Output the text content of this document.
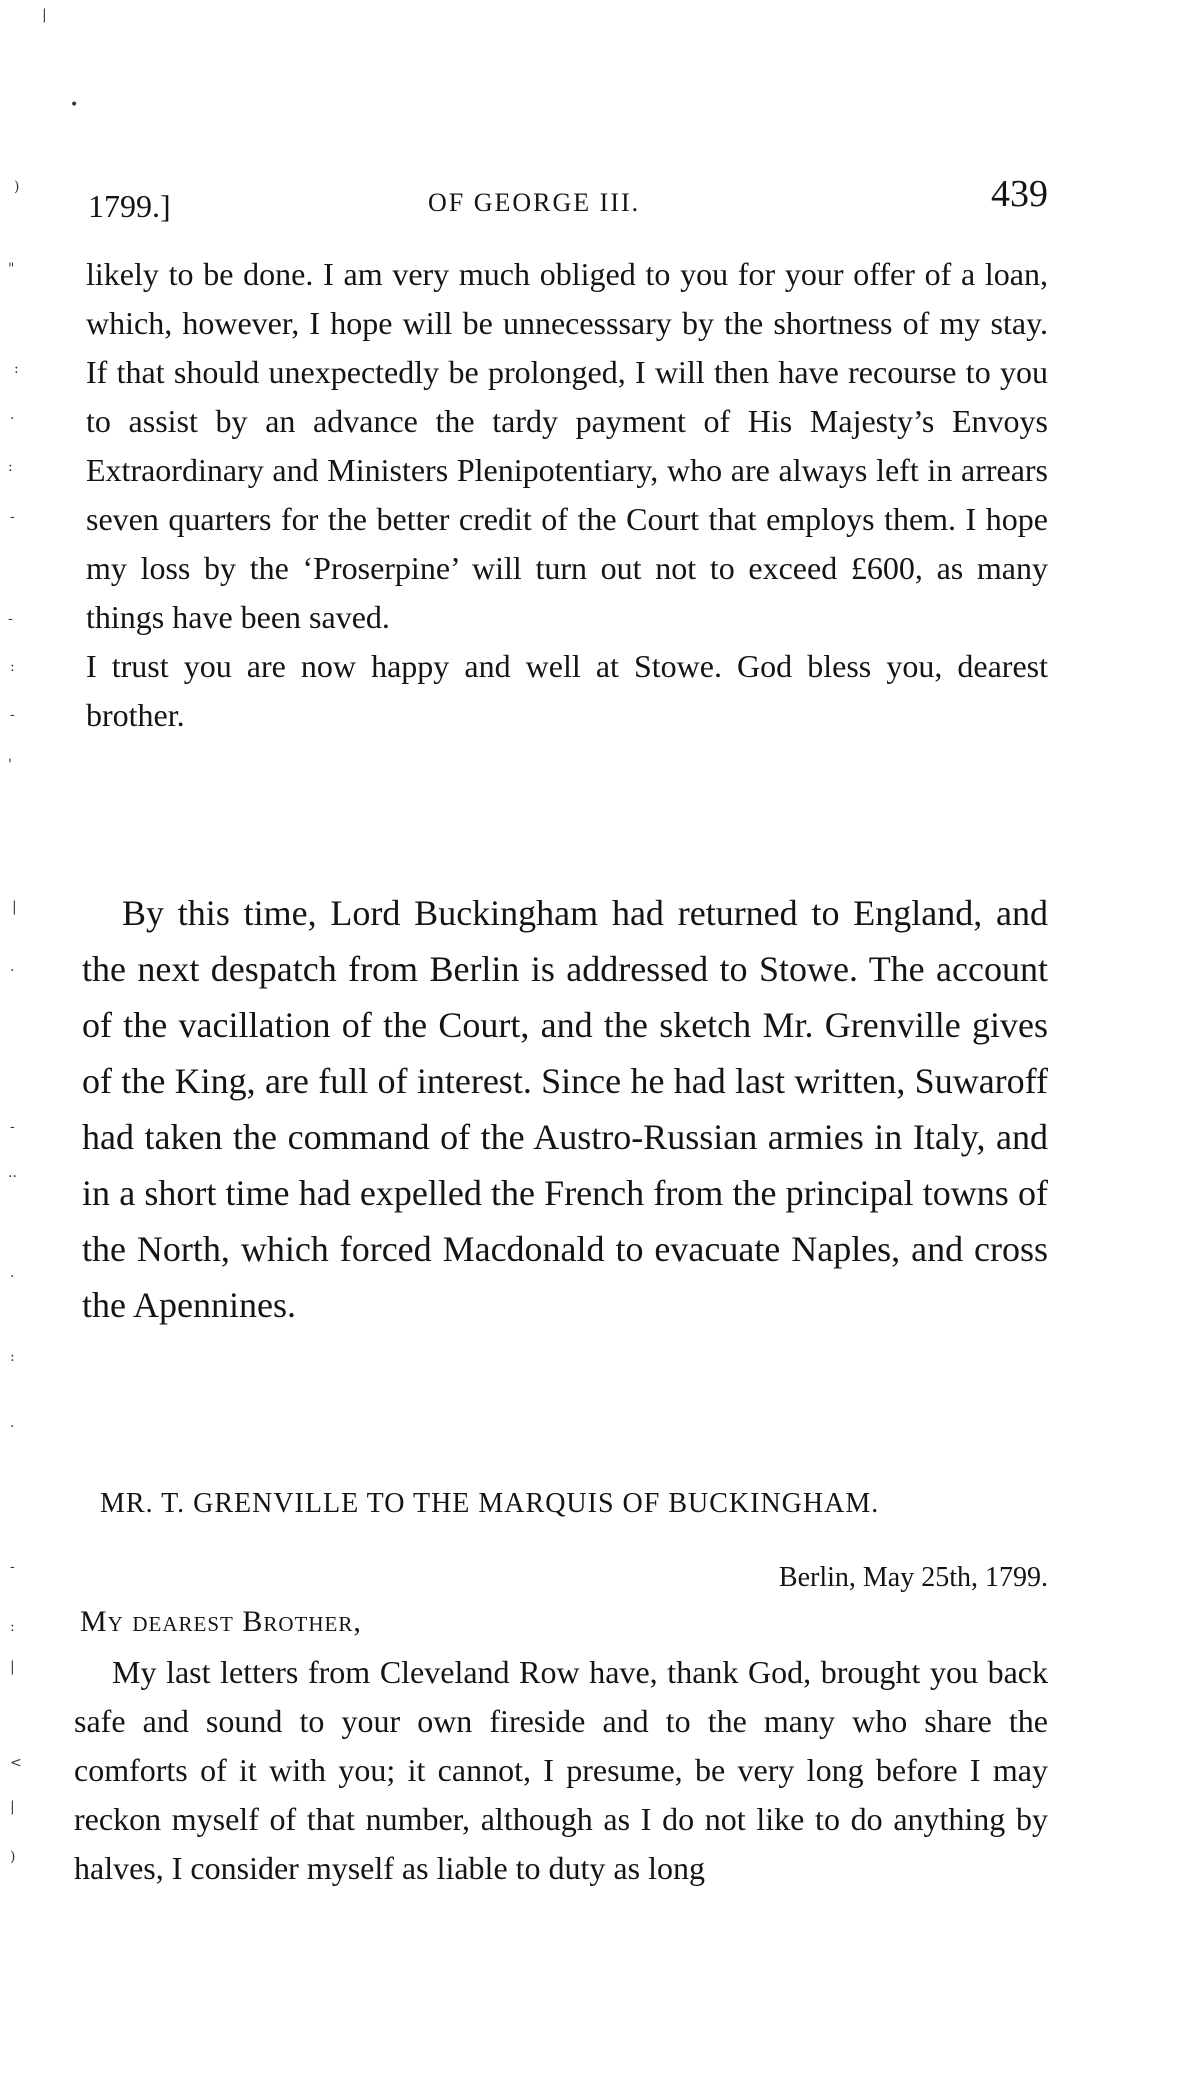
|
•
)
"
:
·
:
-
-
:
-
'
|
.
-
··
·
:
·
-
:
|
<
|
)
1799.]	OF GEORGE III.	439

likely to be done. I am very much obliged to you for your offer of a loan, which, however, I hope will be unnecesssary by the shortness of my stay. If that should unexpectedly be prolonged, I will then have recourse to you to assist by an advance the tardy payment of His Majesty’s Envoys Extraordinary and Ministers Plenipotentiary, who are always left in arrears seven quarters for the better credit of the Court that employs them. I hope my loss by the ‘Proserpine’ will turn out not to exceed £600, as many things have been saved.

I trust you are now happy and well at Stowe. God bless you, dearest brother.

By this time, Lord Buckingham had returned to England, and the next despatch from Berlin is addressed to Stowe. The account of the vacillation of the Court, and the sketch Mr. Grenville gives of the King, are full of interest. Since he had last written, Suwaroff had taken the command of the Austro-Russian armies in Italy, and in a short time had expelled the French from the principal towns of the North, which forced Macdonald to evacuate Naples, and cross the Apennines.

MR. T. GRENVILLE TO THE MARQUIS OF BUCKINGHAM.
Berlin, May 25th, 1799.
My dearest Brother,

My last letters from Cleveland Row have, thank God, brought you back safe and sound to your own fireside and to the many who share the comforts of it with you; it cannot, I presume, be very long before I may reckon myself of that number, although as I do not like to do anything by halves, I consider myself as liable to duty as long
